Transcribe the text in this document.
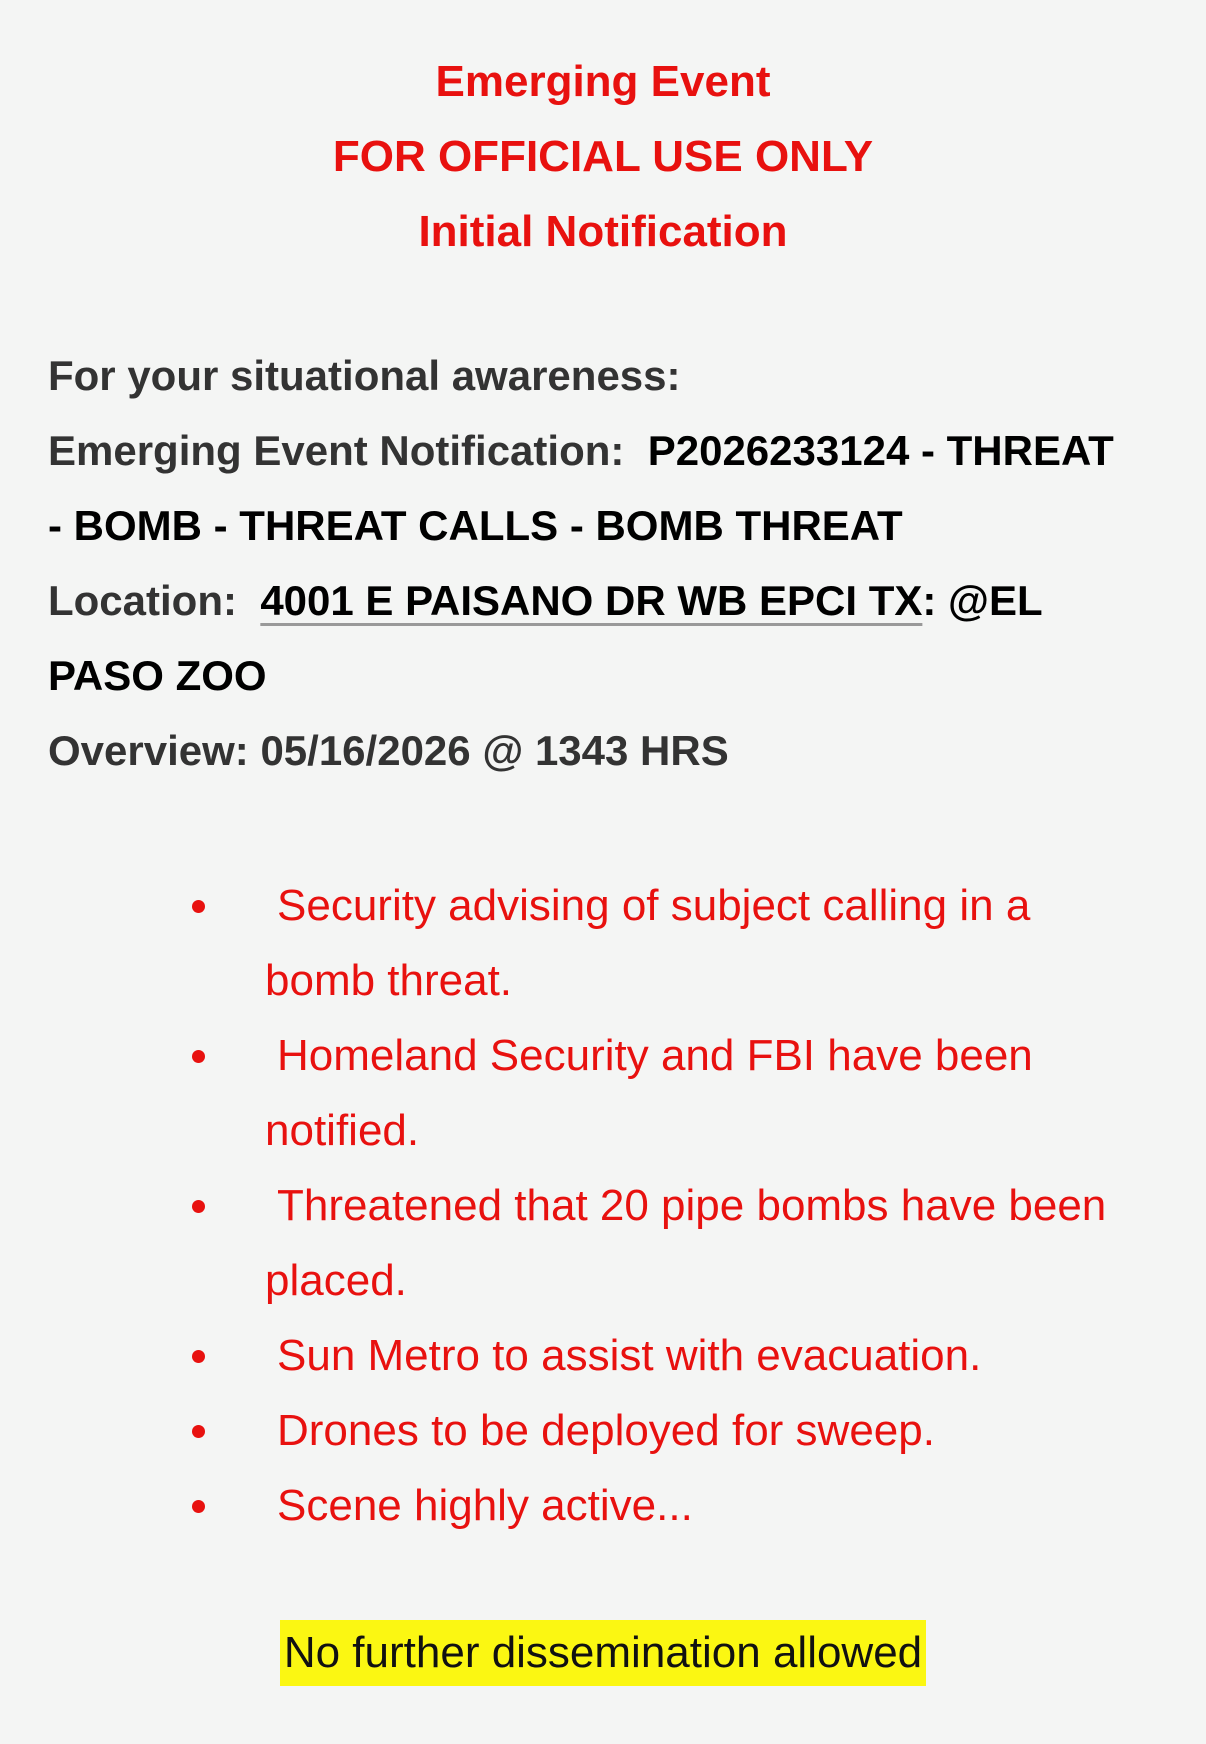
Emerging Event
FOR OFFICIAL USE ONLY
Initial Notification
For your situational awareness:
Emerging Event Notification: P2026233124 - THREAT
- BOMB - THREAT CALLS - BOMB THREAT
Location: 4001 E PAISANO DR WB EPCI TX: @EL
PASO ZOO
Overview: 05/16/2026 @ 1343 HRS
Security advising of subject calling in a bomb threat.
Homeland Security and FBI have been notified.
Threatened that 20 pipe bombs have been placed.
Sun Metro to assist with evacuation.
Drones to be deployed for sweep.
Scene highly active...
No further dissemination allowed
